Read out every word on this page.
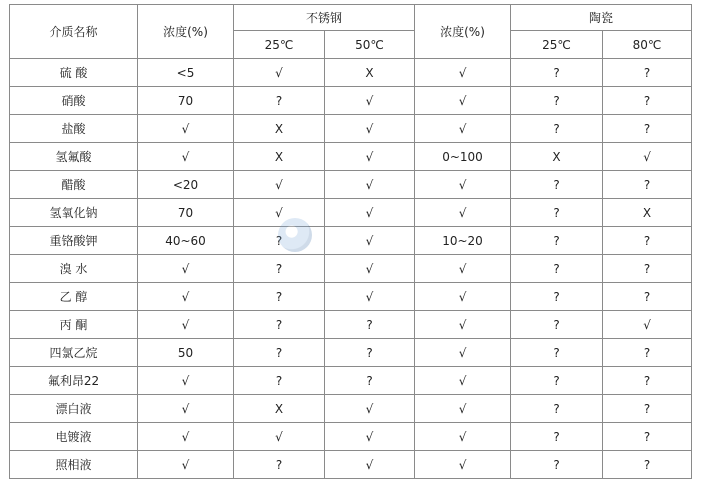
介质名称	浓度(%)	不锈钢		浓度(%)	陶瓷	
		25℃	50℃		25℃	80℃
硫 酸	<5	√	X	√	?	?
硝酸	70	?	√	√	?	?
盐酸	√	X	√	√	?	?
氢氟酸	√	X	√	0~100	X	√
醋酸	<20	√	√	√	?	?
氢氧化钠	70	√	√	√	?	X
重铬酸钾	40~60	?	√	10~20	?	?
溴 水	√	?	√	√	?	?
乙 醇	√	?	√	√	?	?
丙 酮	√	?	?	√	?	√
四氯乙烷	50	?	?	√	?	?
氟利昂22	√	?	?	√	?	?
漂白液	√	X	√	√	?	?
电镀液	√	√	√	√	?	?
照相液	√	?	√	√	?	?
